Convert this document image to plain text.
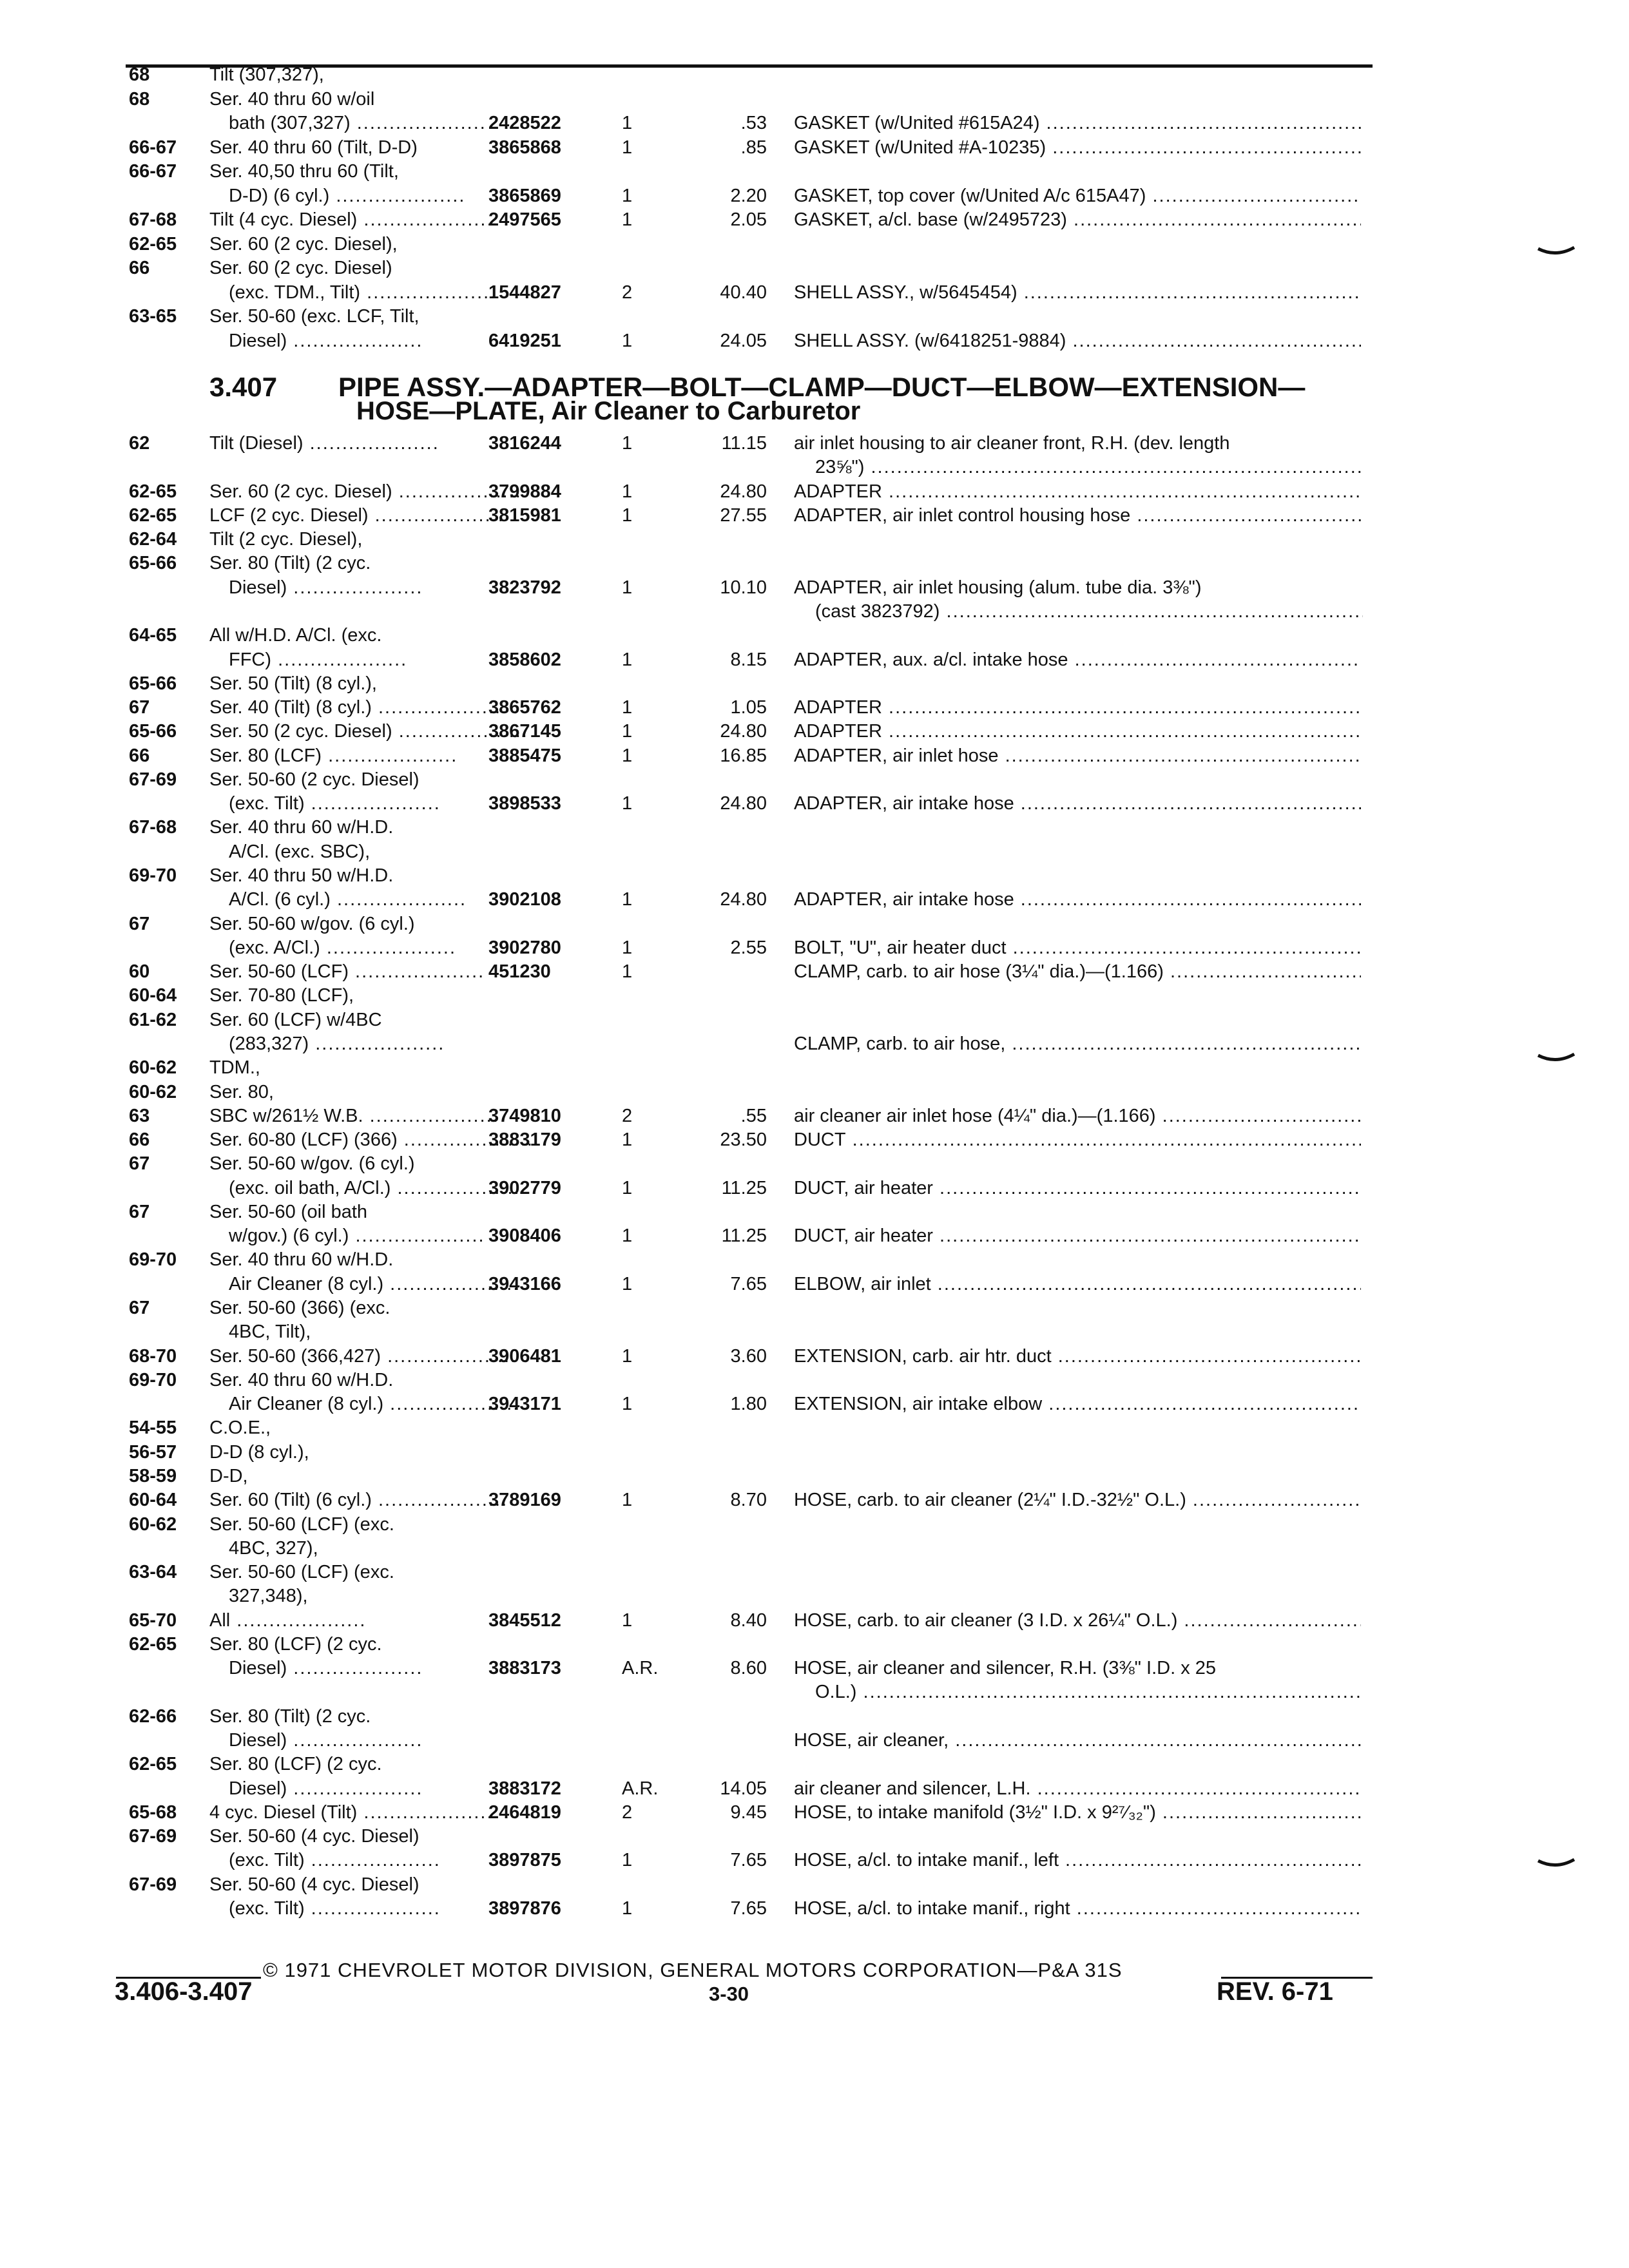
68	Tilt (307,327),
68	Ser. 40 thru 60 w/oil
bath (307,327) .....	2428522	1	.53 GASKET (w/United #615A24) .....
66-67 Ser. 40 thru 60 (Tilt, D-D)	3865868	1	.85 GASKET (w/United #A-10235) .....
66-67 Ser. 40,50 thru 60 (Tilt,
D-D) (6 cyl.) .....	3865869	1	2.20 GASKET, top cover (w/United A/c 615A47) .....
67-68 Tilt (4 cyc. Diesel) .....	2497565	1	2.05 GASKET, a/cl. base (w/2495723) .....
62-65 Ser. 60 (2 cyc. Diesel),
66	Ser. 60 (2 cyc. Diesel)
(exc. TDM., Tilt) .....	1544827	2	40.40 SHELL ASSY., w/5645454) .....
63-65 Ser. 50-60 (exc. LCF, Tilt,
Diesel) .....	6419251	1	24.05 SHELL ASSY. (w/6418251-9884) .....
62	Tilt (Diesel) .....	3816244	1	11.15 air inlet housing to air cleaner front, R.H. (dev. length
23⅝") .....
62-65 Ser. 60 (2 cyc. Diesel) .....	3799884	1	24.80 ADAPTER .....
62-65 LCF (2 cyc. Diesel) .....	3815981	1	27.55 ADAPTER, air inlet control housing hose .....
62-64 Tilt (2 cyc. Diesel),
65-66 Ser. 80 (Tilt) (2 cyc.
Diesel) .....	3823792	1	10.10 ADAPTER, air inlet housing (alum. tube dia. 3⅜")
(cast 3823792) .....
64-65 All w/H.D. A/Cl. (exc.
FFC) .....	3858602	1	8.15 ADAPTER, aux. a/cl. intake hose .....
65-66 Ser. 50 (Tilt) (8 cyl.),
67	Ser. 40 (Tilt) (8 cyl.) .....	3865762	1	1.05 ADAPTER .....
65-66 Ser. 50 (2 cyc. Diesel) .....	3867145	1	24.80 ADAPTER .....
66	Ser. 80 (LCF) .....	3885475	1	16.85 ADAPTER, air inlet hose .....
67-69 Ser. 50-60 (2 cyc. Diesel)
(exc. Tilt) .....	3898533	1	24.80 ADAPTER, air intake hose .....
67-68 Ser. 40 thru 60 w/H.D.
A/Cl. (exc. SBC),
69-70 Ser. 40 thru 50 w/H.D.
A/Cl. (6 cyl.) .....	3902108	1	24.80 ADAPTER, air intake hose .....
67	Ser. 50-60 w/gov. (6 cyl.)
(exc. A/Cl.) .....	3902780	1	2.55 BOLT, "U", air heater duct .....
60	Ser. 50-60 (LCF) .....	451230	1	CLAMP, carb. to air hose (3¼" dia.)—(1.166) .....
60-64 Ser. 70-80 (LCF),
61-62 Ser. 60 (LCF) w/4BC
(283,327) .....	CLAMP, carb. to air hose, .....
60-62 TDM.,
60-62 Ser. 80,
63	SBC w/261½ W.B. .....	3749810	2	.55 air cleaner air inlet hose (4¼" dia.)—(1.166) .....
66	Ser. 60-80 (LCF) (366) .....	3883179	1	23.50 DUCT .....
67	Ser. 50-60 w/gov. (6 cyl.)
(exc. oil bath, A/Cl.) .....	3902779	1	11.25 DUCT, air heater .....
67	Ser. 50-60 (oil bath
w/gov.) (6 cyl.) .....	3908406	1	11.25 DUCT, air heater .....
69-70 Ser. 40 thru 60 w/H.D.
Air Cleaner (8 cyl.) .....	3943166	1	7.65 ELBOW, air inlet .....
67	Ser. 50-60 (366) (exc.
4BC, Tilt),
68-70 Ser. 50-60 (366,427) .....	3906481	1	3.60 EXTENSION, carb. air htr. duct .....
69-70 Ser. 40 thru 60 w/H.D.
Air Cleaner (8 cyl.) .....	3943171	1	1.80 EXTENSION, air intake elbow .....
54-55 C.O.E.,
56-57 D-D (8 cyl.),
58-59 D-D,
60-64 Ser. 60 (Tilt) (6 cyl.) .....	3789169	1	8.70 HOSE, carb. to air cleaner (2¼" I.D.-32½" O.L.) .....
60-62 Ser. 50-60 (LCF) (exc.
4BC, 327),
63-64 Ser. 50-60 (LCF) (exc.
327,348),
65-70 All .....	3845512	1	8.40 HOSE, carb. to air cleaner (3 I.D. x 26¼" O.L.) .....
62-65 Ser. 80 (LCF) (2 cyc.
Diesel) .....	3883173	A.R.	8.60 HOSE, air cleaner and silencer, R.H. (3⅜" I.D. x 25
O.L.) .....
62-66 Ser. 80 (Tilt) (2 cyc.
Diesel) .....	HOSE, air cleaner, .....
62-65 Ser. 80 (LCF) (2 cyc.
Diesel) .....	3883172	A.R.	14.05 air cleaner and silencer, L.H. .....
65-68 4 cyc. Diesel (Tilt) .....	2464819	2	9.45 HOSE, to intake manifold (3½" I.D. x 9²⁷⁄₃₂") .....
67-69 Ser. 50-60 (4 cyc. Diesel)
(exc. Tilt) .....	3897875	1	7.65 HOSE, a/cl. to intake manif., left .....
67-69 Ser. 50-60 (4 cyc. Diesel)
(exc. Tilt) .....	3897876	1	7.65 HOSE, a/cl. to intake manif., right .....
3.407 PIPE ASSY.—ADAPTER—BOLT—CLAMP—DUCT—ELBOW—EXTENSION—
HOSE—PLATE, Air Cleaner to Carburetor
© 1971 CHEVROLET MOTOR DIVISION, GENERAL MOTORS CORPORATION—P&A 31S
3.406-3.407	3-30	REV. 6-71
